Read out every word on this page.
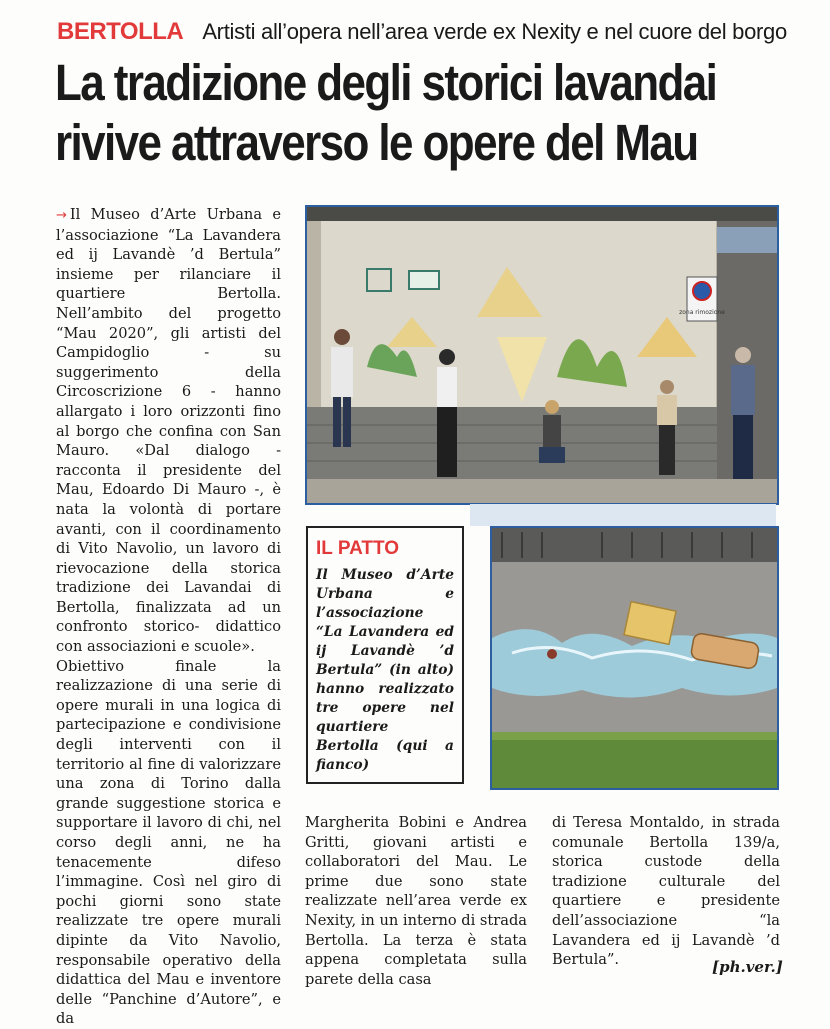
BERTOLLA Artisti all’opera nell’area verde ex Nexity e nel cuore del borgo
La tradizione degli storici lavandai
rivive attraverso le opere del Mau

→ Il Museo d’Arte Urbana e l’associazione “La Lavandera ed ij Lavandè ’d Bertula” insieme per rilanciare il quartiere Bertolla. Nell’ambito del progetto “Mau 2020”, gli artisti del Campidoglio - su suggerimento della Circoscrizione 6 - hanno allargato i loro orizzonti fino al borgo che confina con San Mauro. «Dal dialogo - racconta il presidente del Mau, Edoardo Di Mauro -, è nata la volontà di portare avanti, con il coordinamento di Vito Navolio, un lavoro di rievocazione della storica tradizione dei Lavandai di Bertolla, finalizzata ad un confronto storico- didattico con associazioni e scuole».

Obiettivo finale la realizzazione di una serie di opere murali in una logica di partecipazione e condivisione degli interventi con il territorio al fine di valorizzare una zona di Torino dalla grande suggestione storica e supportare il lavoro di chi, nel corso degli anni, ne ha tenacemente difeso l’immagine. Così nel giro di pochi giorni sono state realizzate tre opere murali dipinte da Vito Navolio, responsabile operativo della didattica del Mau e inventore delle “Panchine d’Autore”, e da

zona rimozione
IL PATTO
Il Museo d’Arte Urbana e l’associazione “La Lavandera ed ij Lavandè ’d Bertula” (in alto) hanno realizzato tre opere nel quartiere Bertolla (qui a fianco)

Margherita Bobini e Andrea Gritti, giovani artisti e collaboratori del Mau. Le prime due sono state realizzate nell’area verde ex Nexity, in un interno di strada Bertolla. La terza è stata appena completata sulla parete della casa

di Teresa Montaldo, in strada comunale Bertolla 139/a, storica custode della tradizione culturale del quartiere e presidente dell’associazione “la Lavandera ed ij Lavandè ’d Bertula”.	[ph.ver.]
